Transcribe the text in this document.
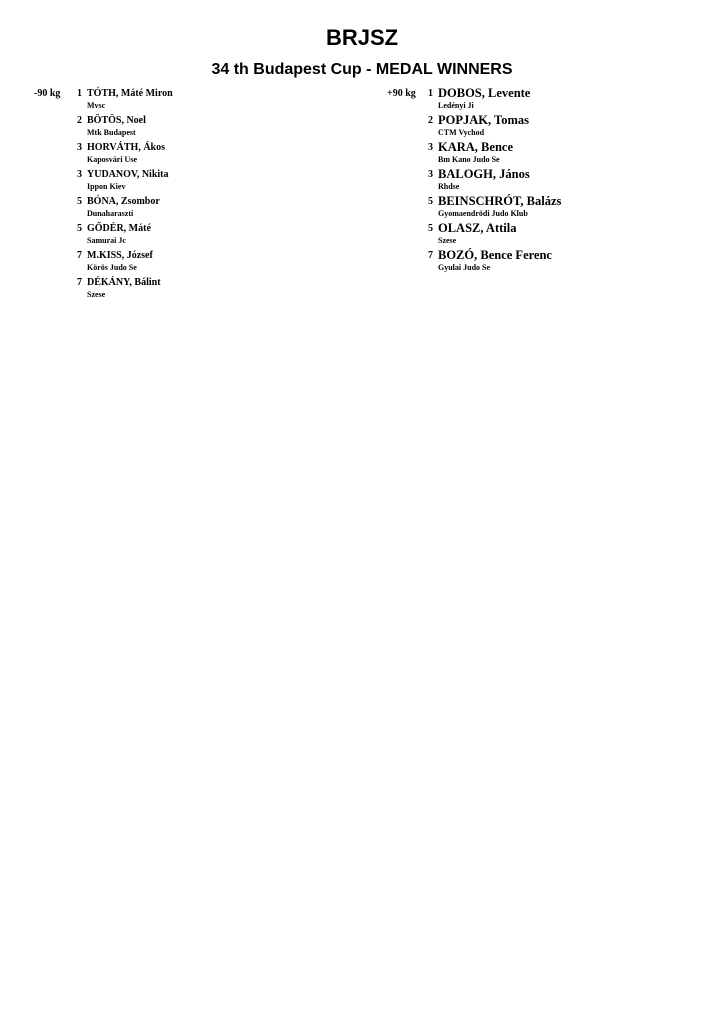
BRJSZ
34 th Budapest Cup - MEDAL WINNERS
-90 kg 1 TÓTH, Máté Miron
Mvsc
2 BÖTÖS, Noel
Mtk Budapest
3 HORVÁTH, Ákos
Kaposvári Use
3 YUDANOV, Nikita
Ippon Kiev
5 BÓNA, Zsombor
Dunaharaszti
5 GŐDÉR, Máté
Samurai Jc
7 M.KISS, József
Körös Judo Se
7 DÉKÁNY, Bálint
Szese
+90 kg 1 DOBOS, Levente
Ledényi Ji
2 POPJAK, Tomas
CTM Vychod
3 KARA, Bence
Bm Kano Judo Se
3 BALOGH, János
Rhdse
5 BEINSCHRÓT, Balázs
Gyomaendrödi Judo Klub
5 OLASZ, Attila
Szese
7 BOZÓ, Bence Ferenc
Gyulai Judo Se
